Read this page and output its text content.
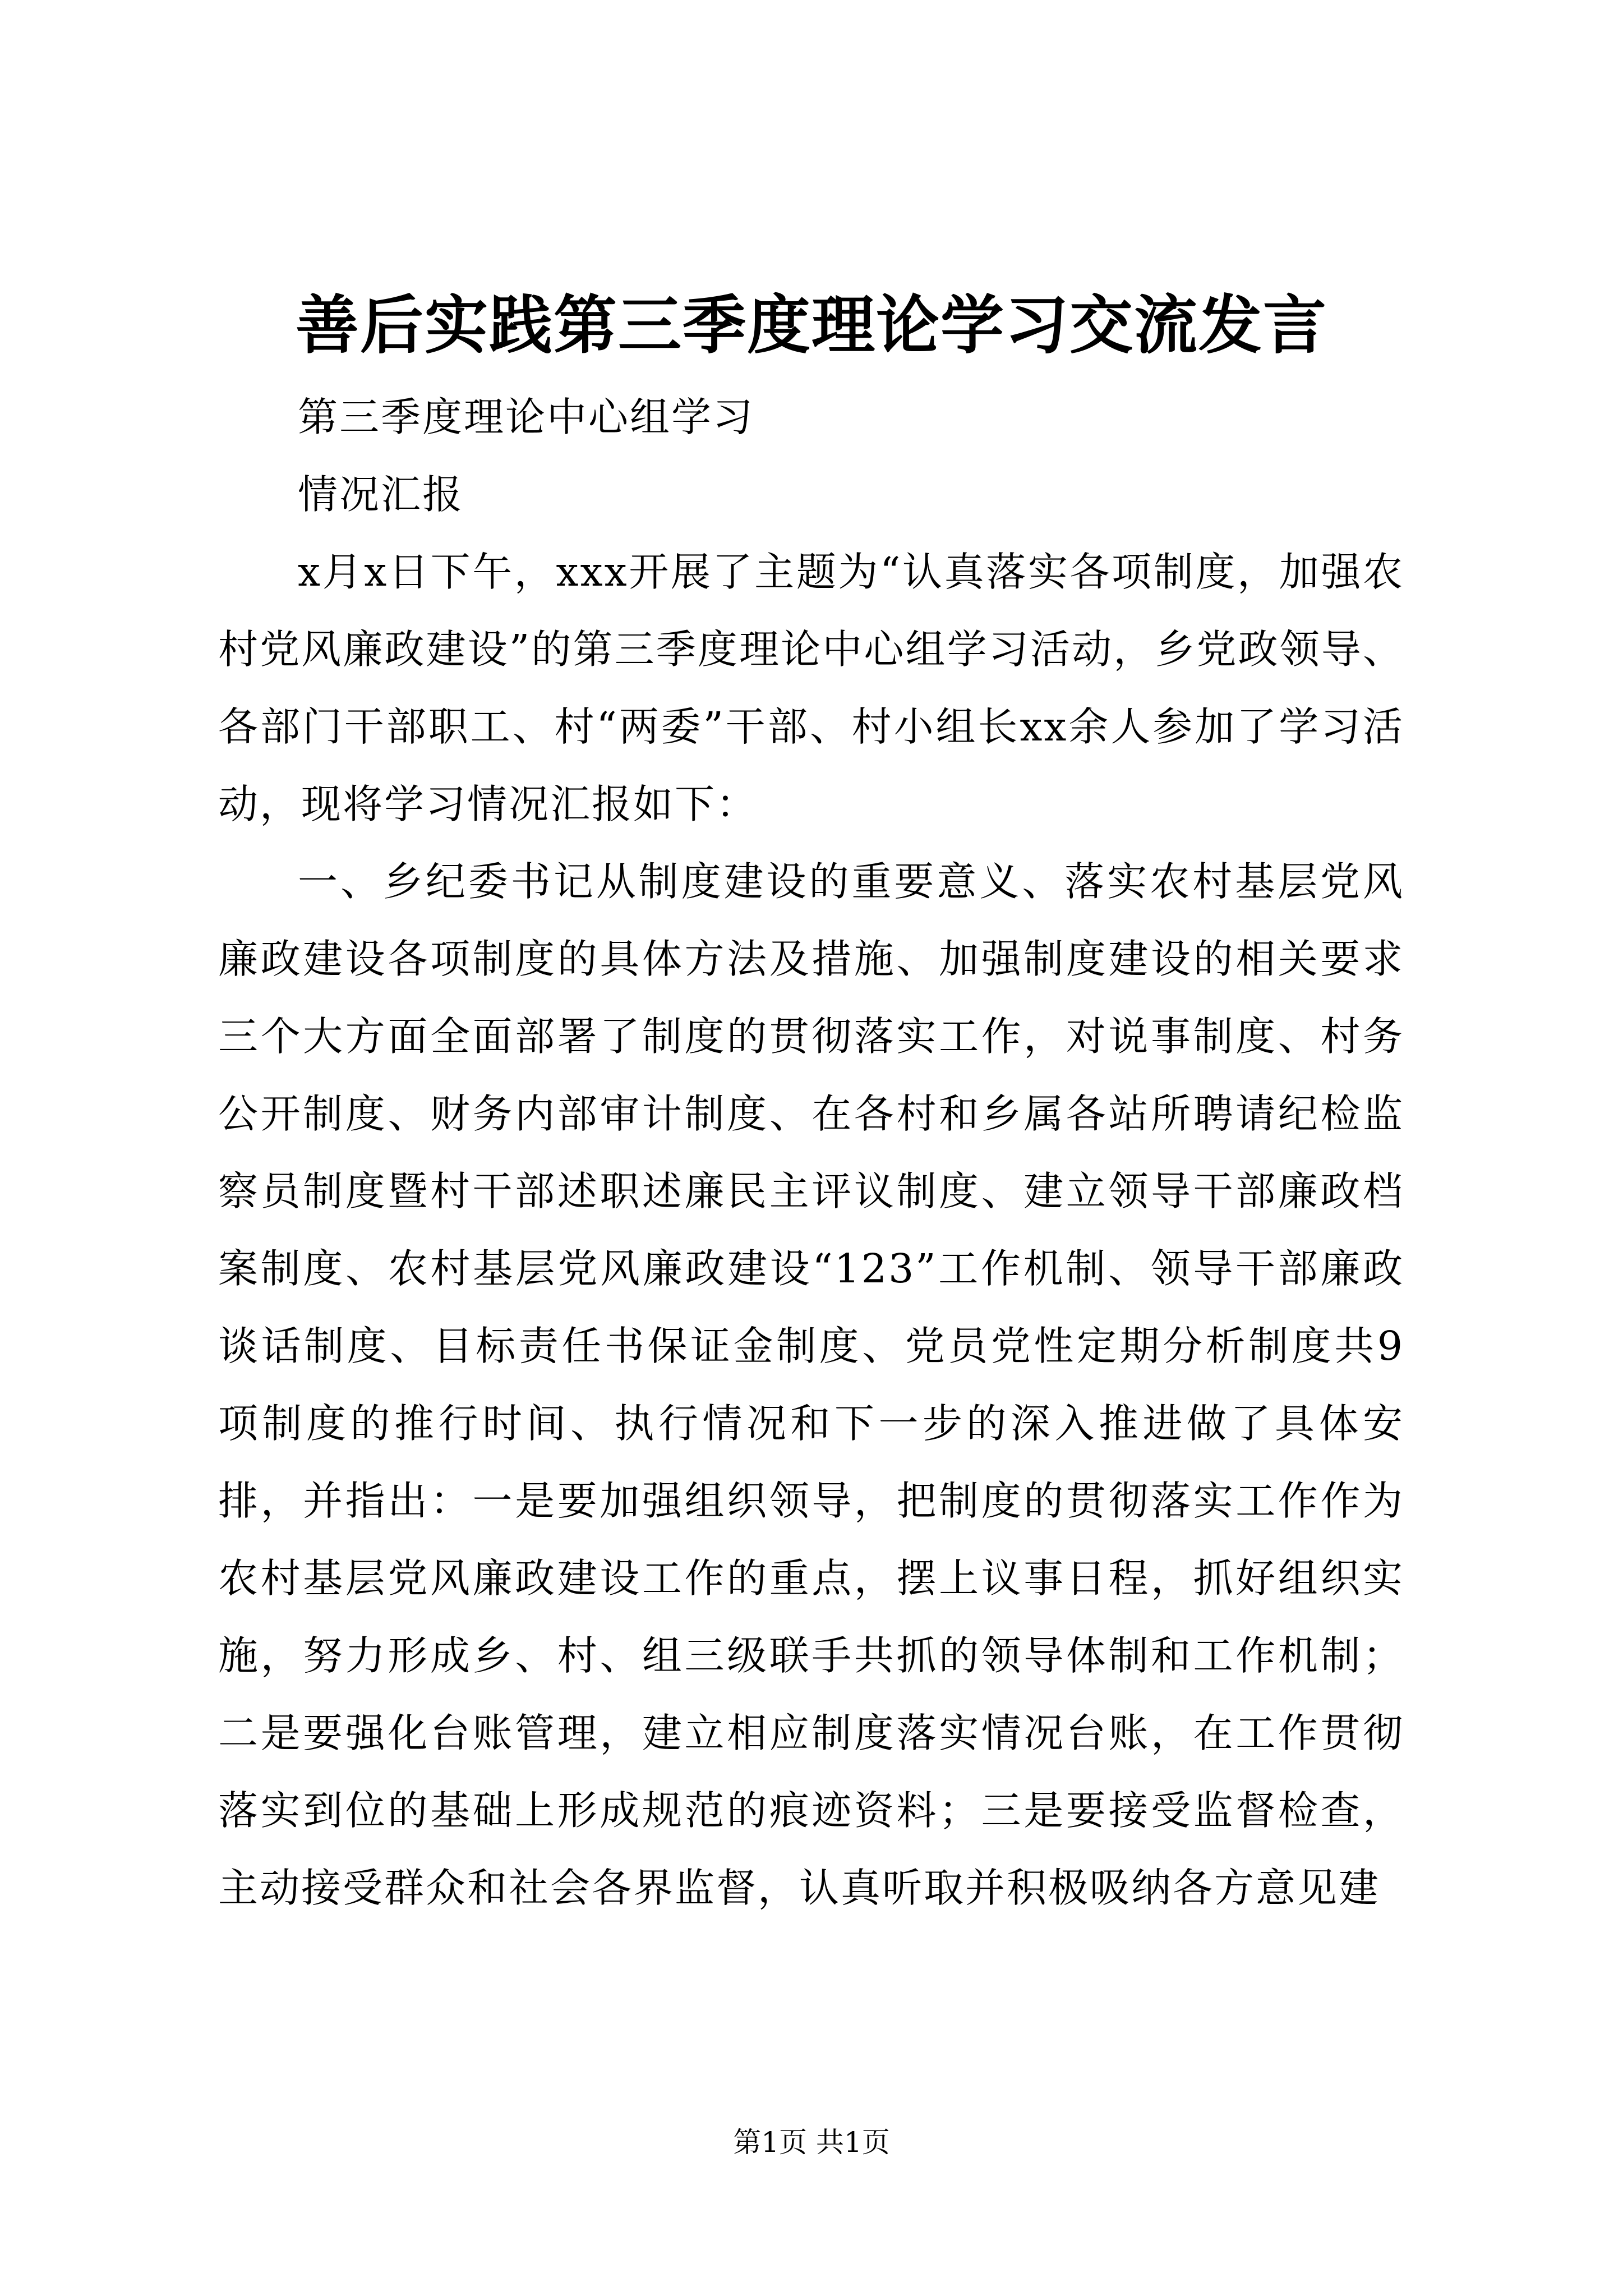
善后实践第三季度理论学习交流发言

第三季度理论中心组学习

情况汇报

x月x日下午，xxx开展了主题为“认真落实各项制度，加强农村党风廉政建设”的第三季度理论中心组学习活动，乡党政领导、各部门干部职工、村“两委”干部、村小组长xx余人参加了学习活动，现将学习情况汇报如下：

一、乡纪委书记从制度建设的重要意义、落实农村基层党风廉政建设各项制度的具体方法及措施、加强制度建设的相关要求三个大方面全面部署了制度的贯彻落实工作，对说事制度、村务公开制度、财务内部审计制度、在各村和乡属各站所聘请纪检监察员制度暨村干部述职述廉民主评议制度、建立领导干部廉政档案制度、农村基层党风廉政建设“123”工作机制、领导干部廉政谈话制度、目标责任书保证金制度、党员党性定期分析制度共9项制度的推行时间、执行情况和下一步的深入推进做了具体安排，并指出：一是要加强组织领导，把制度的贯彻落实工作作为农村基层党风廉政建设工作的重点，摆上议事日程，抓好组织实施，努力形成乡、村、组三级联手共抓的领导体制和工作机制；二是要强化台账管理，建立相应制度落实情况台账，在工作贯彻落实到位的基础上形成规范的痕迹资料；三是要接受监督检查，主动接受群众和社会各界监督，认真听取并积极吸纳各方意见建

第1页 共1页
